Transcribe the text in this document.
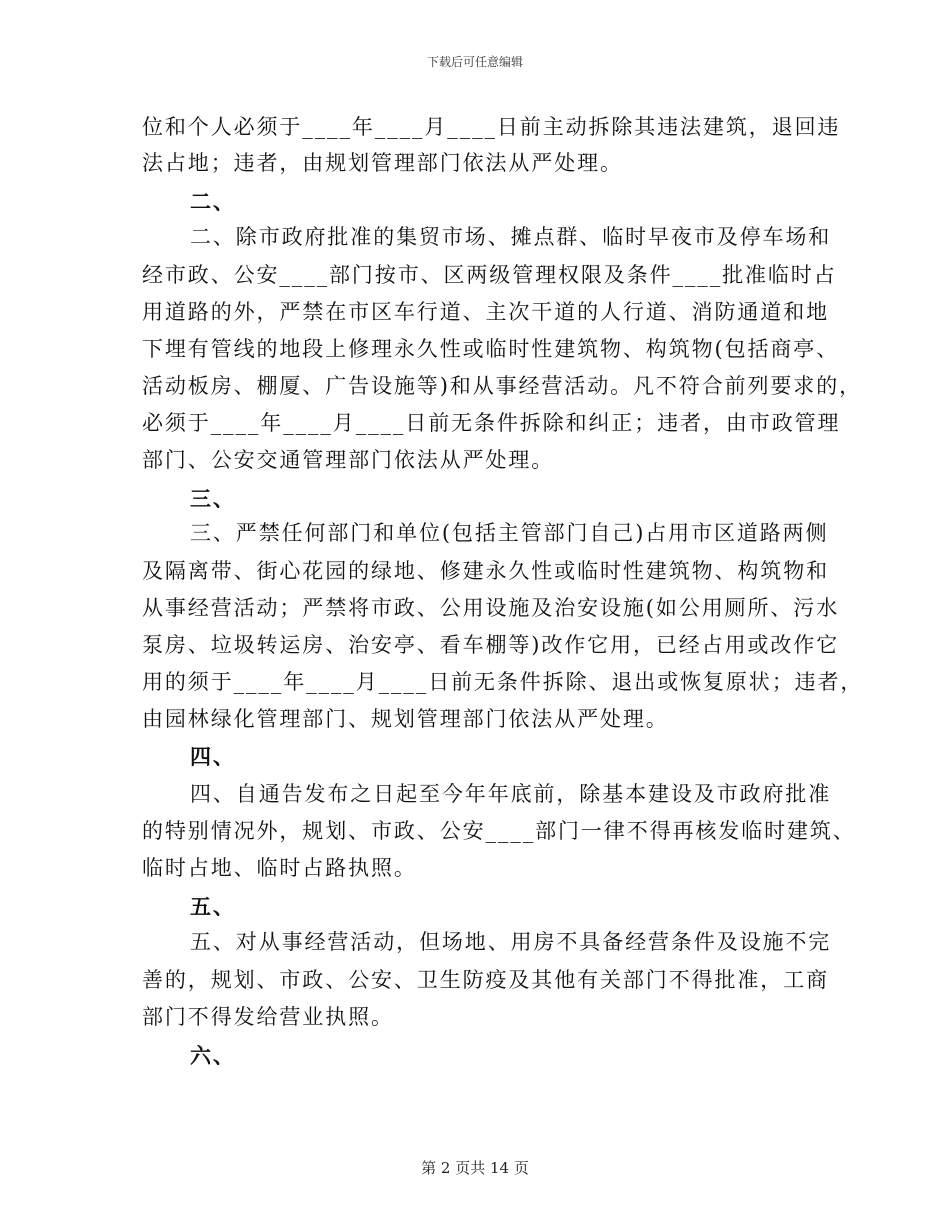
下载后可任意编辑
位和个人必须于____年____月____日前主动拆除其违法建筑，退回违
法占地；违者，由规划管理部门依法从严处理。
二、
二、除市政府批准的集贸市场、摊点群、临时早夜市及停车场和
经市政、公安____部门按市、区两级管理权限及条件____批准临时占
用道路的外，严禁在市区车行道、主次干道的人行道、消防通道和地
下埋有管线的地段上修理永久性或临时性建筑物、构筑物(包括商亭、
活动板房、棚厦、广告设施等)和从事经营活动。凡不符合前列要求的，
必须于____年____月____日前无条件拆除和纠正；违者，由市政管理
部门、公安交通管理部门依法从严处理。
三、
三、严禁任何部门和单位(包括主管部门自己)占用市区道路两侧
及隔离带、街心花园的绿地、修建永久性或临时性建筑物、构筑物和
从事经营活动；严禁将市政、公用设施及治安设施(如公用厕所、污水
泵房、垃圾转运房、治安亭、看车棚等)改作它用，已经占用或改作它
用的须于____年____月____日前无条件拆除、退出或恢复原状；违者，
由园林绿化管理部门、规划管理部门依法从严处理。
四、
四、自通告发布之日起至今年年底前，除基本建设及市政府批准
的特别情况外，规划、市政、公安____部门一律不得再核发临时建筑、
临时占地、临时占路执照。
五、
五、对从事经营活动，但场地、用房不具备经营条件及设施不完
善的，规划、市政、公安、卫生防疫及其他有关部门不得批准，工商
部门不得发给营业执照。
六、
第 2 页共 14 页
